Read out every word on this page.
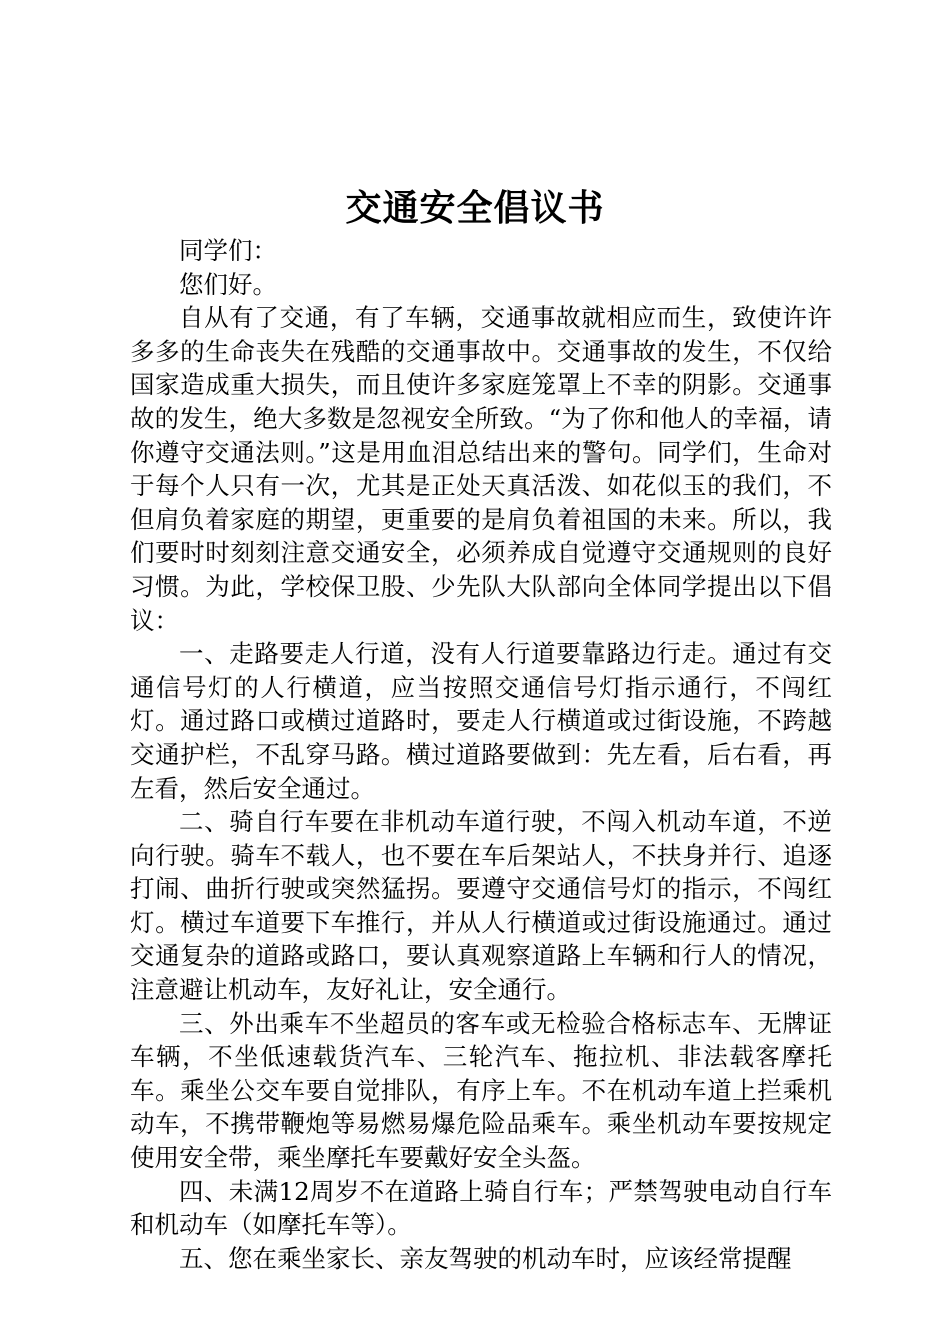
交通安全倡议书

同学们：

您们好。

自从有了交通，有了车辆，交通事故就相应而生，致使许许多多的生命丧失在残酷的交通事故中。交通事故的发生，不仅给国家造成重大损失，而且使许多家庭笼罩上不幸的阴影。交通事故的发生，绝大多数是忽视安全所致。“为了你和他人的幸福，请你遵守交通法则。”这是用血泪总结出来的警句。同学们，生命对于每个人只有一次，尤其是正处天真活泼、如花似玉的我们，不但肩负着家庭的期望，更重要的是肩负着祖国的未来。所以，我们要时时刻刻注意交通安全，必须养成自觉遵守交通规则的良好习惯。为此，学校保卫股、少先队大队部向全体同学提出以下倡议：

一、走路要走人行道，没有人行道要靠路边行走。通过有交通信号灯的人行横道，应当按照交通信号灯指示通行，不闯红灯。通过路口或横过道路时，要走人行横道或过街设施，不跨越交通护栏，不乱穿马路。横过道路要做到：先左看，后右看，再左看，然后安全通过。

二、骑自行车要在非机动车道行驶，不闯入机动车道，不逆向行驶。骑车不载人，也不要在车后架站人，不扶身并行、追逐打闹、曲折行驶或突然猛拐。要遵守交通信号灯的指示，不闯红灯。横过车道要下车推行，并从人行横道或过街设施通过。通过交通复杂的道路或路口，要认真观察道路上车辆和行人的情况，注意避让机动车，友好礼让，安全通行。

三、外出乘车不坐超员的客车或无检验合格标志车、无牌证车辆，不坐低速载货汽车、三轮汽车、拖拉机、非法载客摩托车。乘坐公交车要自觉排队，有序上车。不在机动车道上拦乘机动车，不携带鞭炮等易燃易爆危险品乘车。乘坐机动车要按规定使用安全带，乘坐摩托车要戴好安全头盔。

四、未满12周岁不在道路上骑自行车；严禁驾驶电动自行车和机动车（如摩托车等）。

五、您在乘坐家长、亲友驾驶的机动车时，应该经常提醒
